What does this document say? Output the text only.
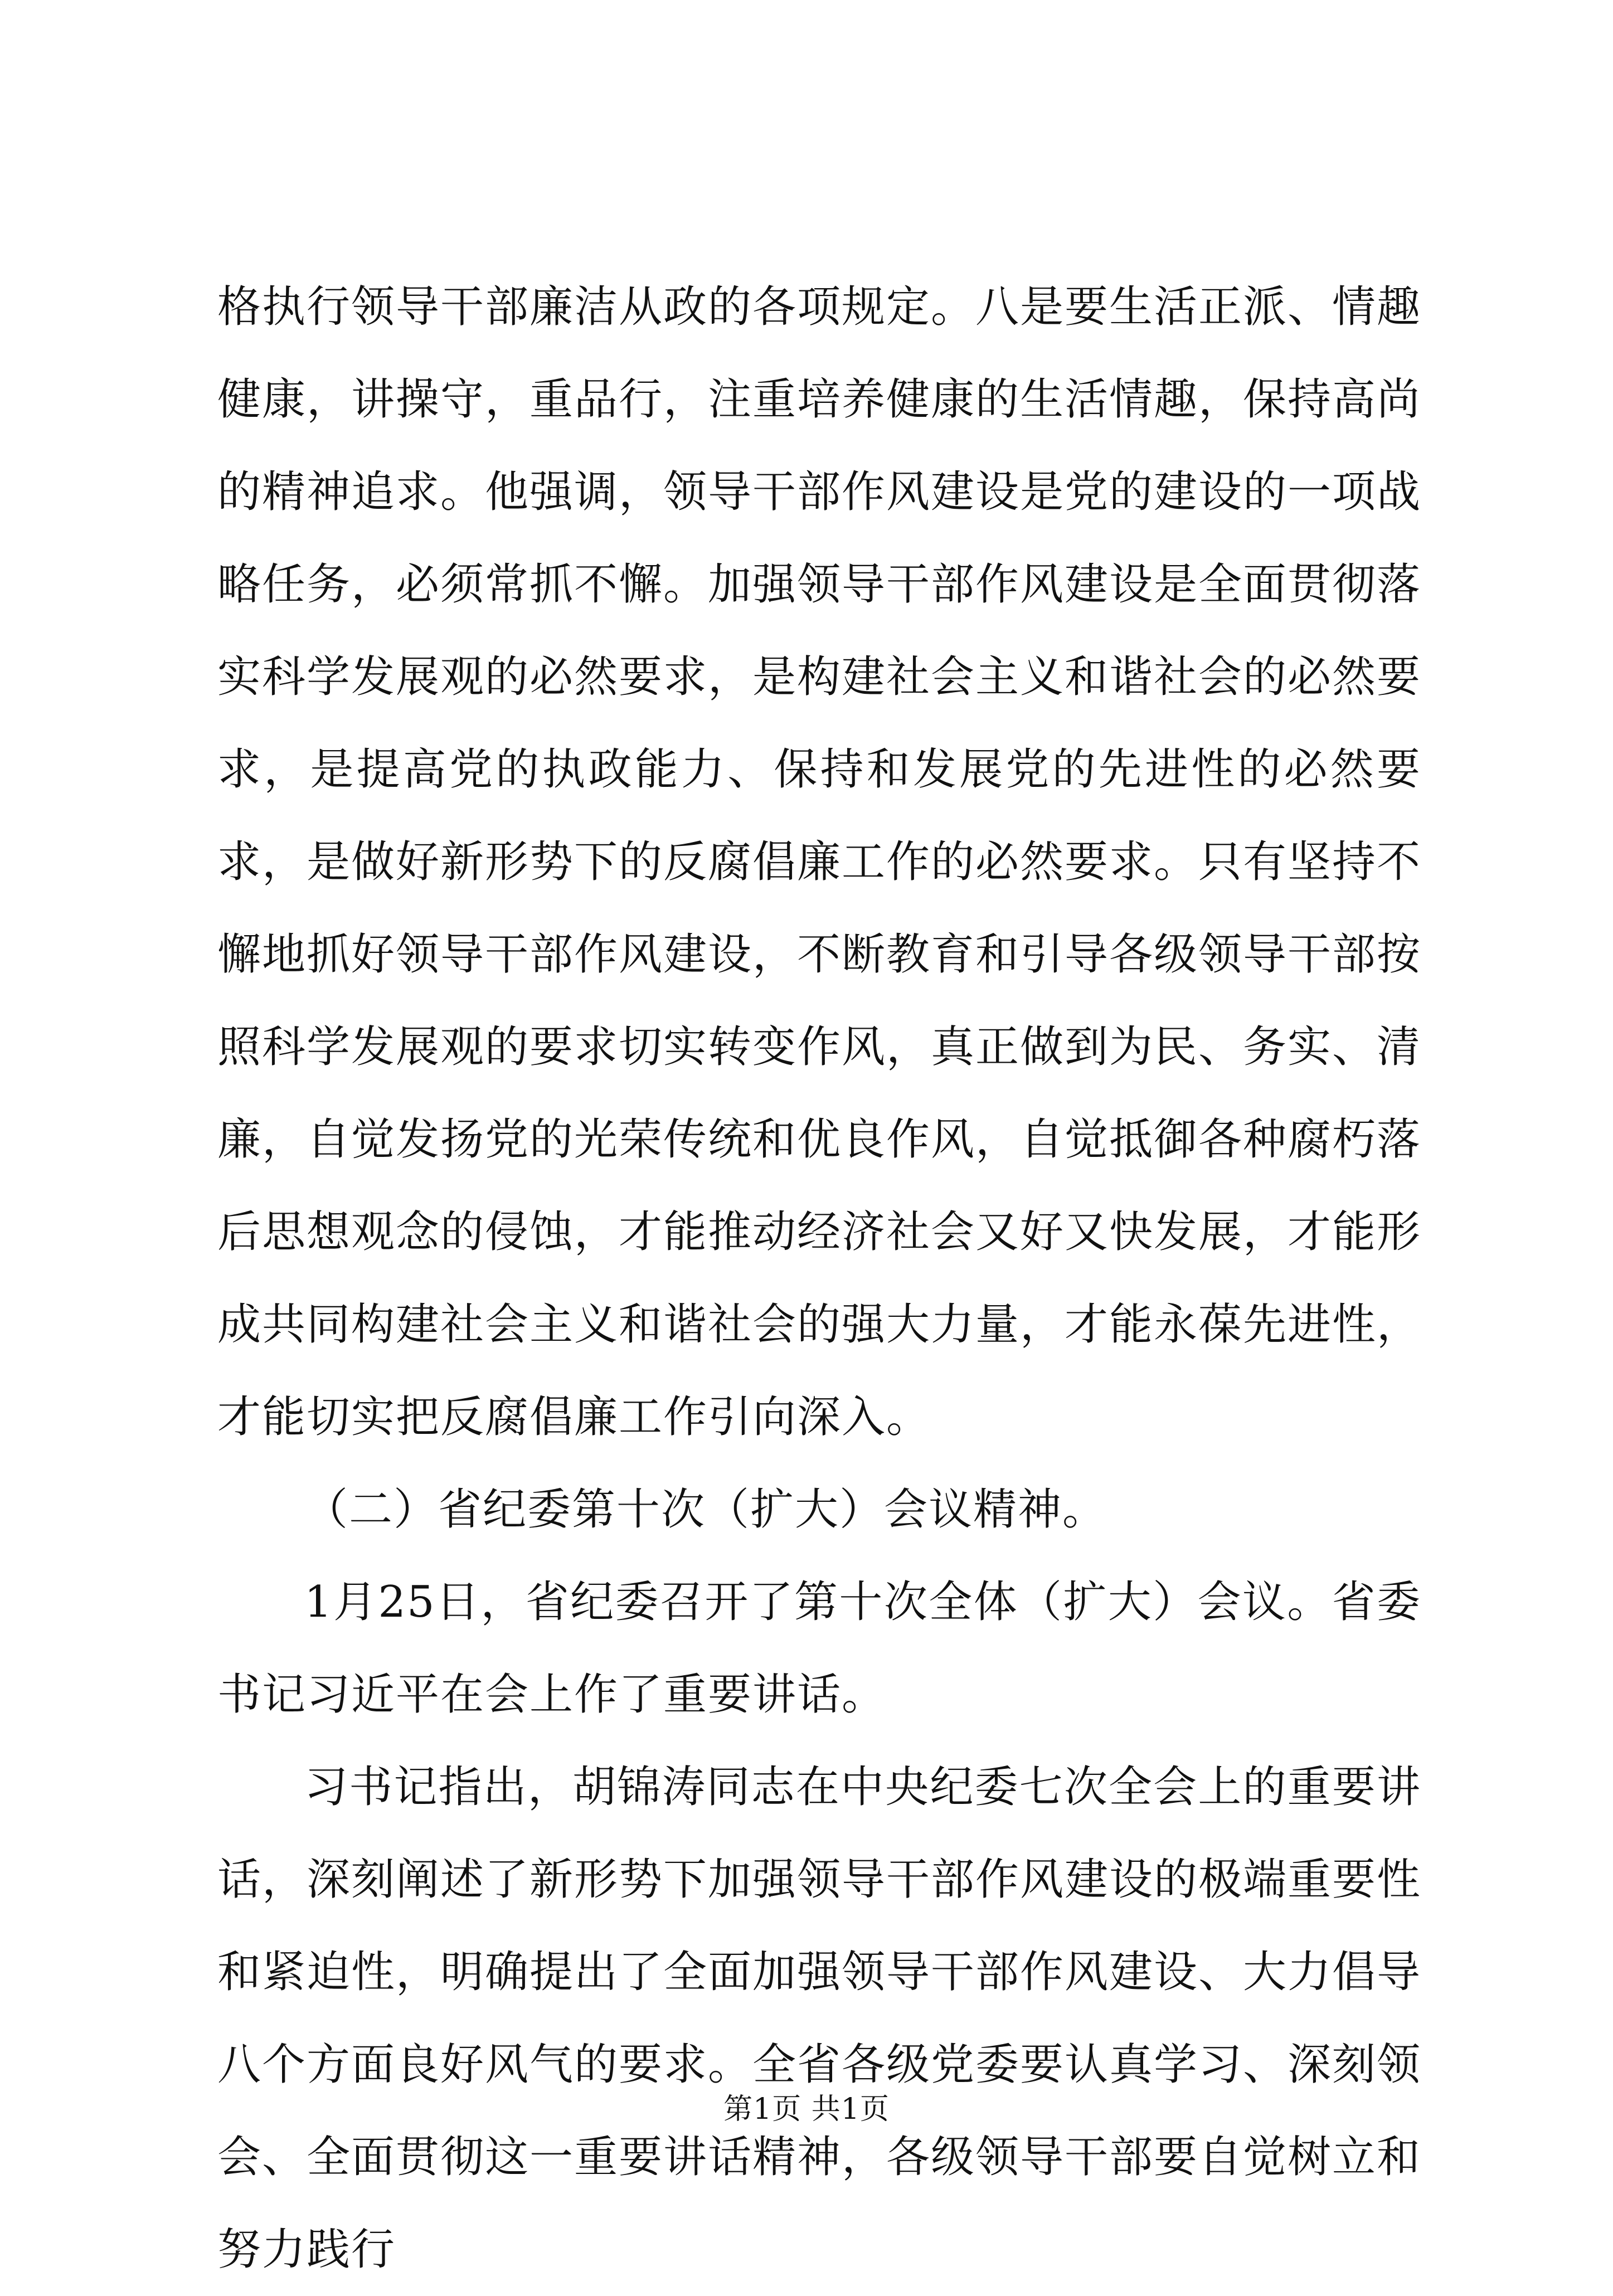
格执行领导干部廉洁从政的各项规定。八是要生活正派、情趣健康，讲操守，重品行，注重培养健康的生活情趣，保持高尚的精神追求。他强调，领导干部作风建设是党的建设的一项战略任务，必须常抓不懈。加强领导干部作风建设是全面贯彻落实科学发展观的必然要求，是构建社会主义和谐社会的必然要求，是提高党的执政能力、保持和发展党的先进性的必然要求，是做好新形势下的反腐倡廉工作的必然要求。只有坚持不懈地抓好领导干部作风建设，不断教育和引导各级领导干部按照科学发展观的要求切实转变作风，真正做到为民、务实、清廉，自觉发扬党的光荣传统和优良作风，自觉抵御各种腐朽落后思想观念的侵蚀，才能推动经济社会又好又快发展，才能形成共同构建社会主义和谐社会的强大力量，才能永葆先进性，才能切实把反腐倡廉工作引向深入。

（二）省纪委第十次（扩大）会议精神。

1月25日，省纪委召开了第十次全体（扩大）会议。省委书记习近平在会上作了重要讲话。

习书记指出，胡锦涛同志在中央纪委七次全会上的重要讲话，深刻阐述了新形势下加强领导干部作风建设的极端重要性和紧迫性，明确提出了全面加强领导干部作风建设、大力倡导八个方面良好风气的要求。全省各级党委要认真学习、深刻领会、全面贯彻这一重要讲话精神，各级领导干部要自觉树立和努力践行

第1页 共1页
